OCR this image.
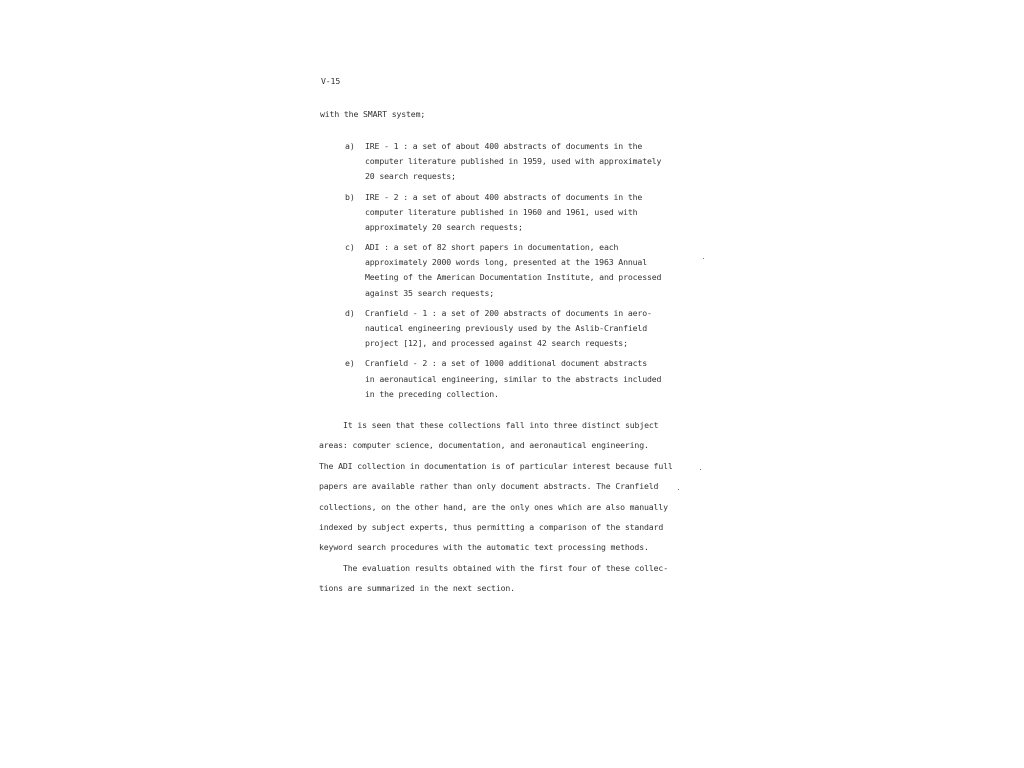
V-15
with the SMART system;
a) IRE - 1 : a set of about 400 abstracts of documents in the
computer literature published in 1959, used with approximately
20 search requests;
b) IRE - 2 : a set of about 400 abstracts of documents in the
computer literature published in 1960 and 1961, used with
approximately 20 search requests;
c) ADI : a set of 82 short papers in documentation, each
approximately 2000 words long, presented at the 1963 Annual
Meeting of the American Documentation Institute, and processed
against 35 search requests;
d) Cranfield - 1 : a set of 200 abstracts of documents in aero-
nautical engineering previously used by the Aslib-Cranfield
project [12], and processed against 42 search requests;
e) Cranfield - 2 : a set of 1000 additional document abstracts
in aeronautical engineering, similar to the abstracts included
in the preceding collection.
It is seen that these collections fall into three distinct subject
areas: computer science, documentation, and aeronautical engineering.
The ADI collection in documentation is of particular interest because full
papers are available rather than only document abstracts. The Cranfield
collections, on the other hand, are the only ones which are also manually
indexed by subject experts, thus permitting a comparison of the standard
keyword search procedures with the automatic text processing methods.
The evaluation results obtained with the first four of these collec-
tions are summarized in the next section.
